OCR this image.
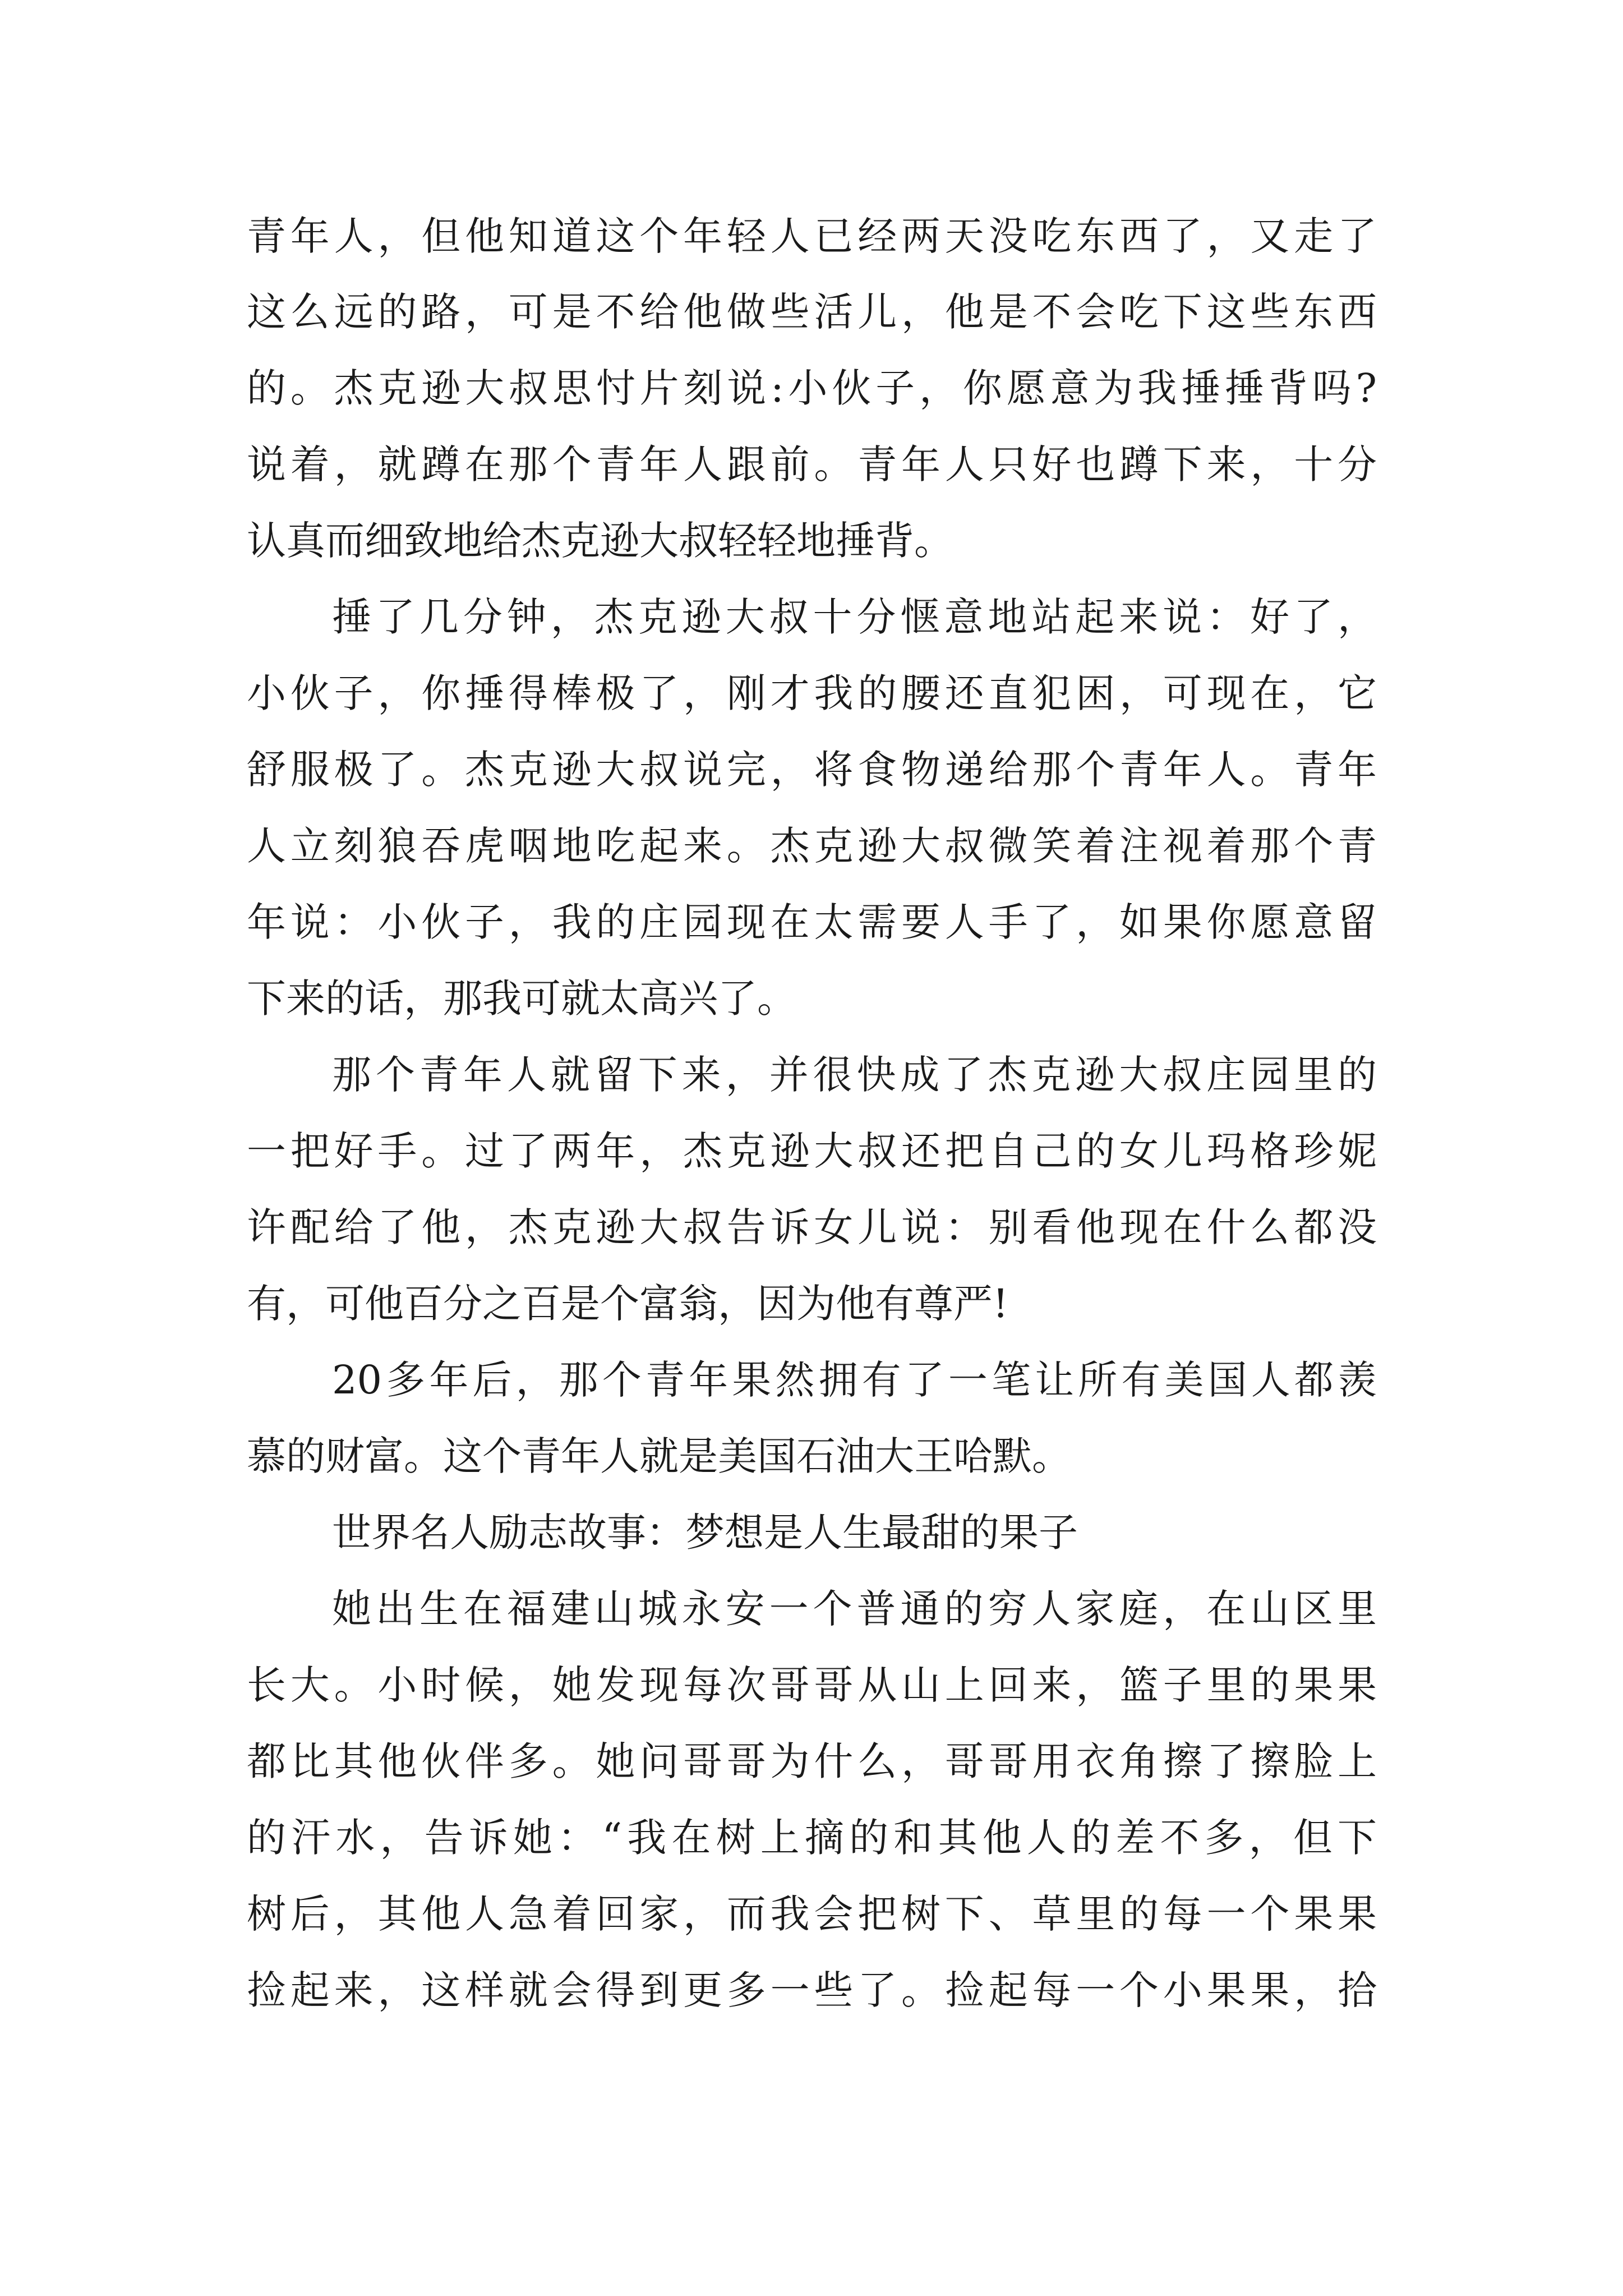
青年人，但他知道这个年轻人已经两天没吃东西了，又走了
这么远的路，可是不给他做些活儿，他是不会吃下这些东西
的。杰克逊大叔思忖片刻说:小伙子，你愿意为我捶捶背吗?
说着，就蹲在那个青年人跟前。青年人只好也蹲下来，十分
认真而细致地给杰克逊大叔轻轻地捶背。
捶了几分钟，杰克逊大叔十分惬意地站起来说：好了，
小伙子，你捶得棒极了，刚才我的腰还直犯困，可现在，它
舒服极了。杰克逊大叔说完，将食物递给那个青年人。青年
人立刻狼吞虎咽地吃起来。杰克逊大叔微笑着注视着那个青
年说：小伙子，我的庄园现在太需要人手了，如果你愿意留
下来的话，那我可就太高兴了。
那个青年人就留下来，并很快成了杰克逊大叔庄园里的
一把好手。过了两年，杰克逊大叔还把自己的女儿玛格珍妮
许配给了他，杰克逊大叔告诉女儿说：别看他现在什么都没
有，可他百分之百是个富翁，因为他有尊严!
20多年后，那个青年果然拥有了一笔让所有美国人都羡
慕的财富。这个青年人就是美国石油大王哈默。
世界名人励志故事：梦想是人生最甜的果子
她出生在福建山城永安一个普通的穷人家庭，在山区里
长大。小时候，她发现每次哥哥从山上回来，篮子里的果果
都比其他伙伴多。她问哥哥为什么，哥哥用衣角擦了擦脸上
的汗水，告诉她：“我在树上摘的和其他人的差不多，但下
树后，其他人急着回家，而我会把树下、草里的每一个果果
捡起来，这样就会得到更多一些了。捡起每一个小果果，拾
